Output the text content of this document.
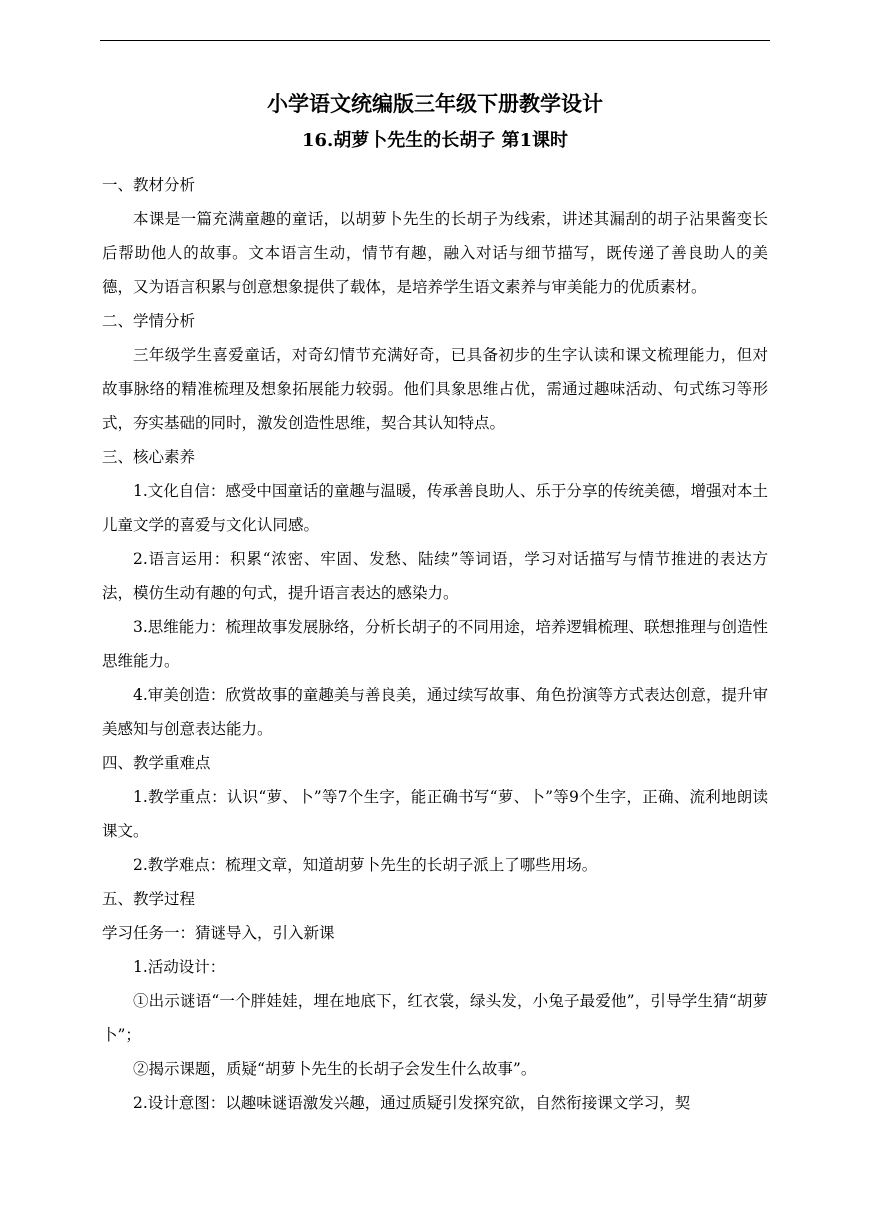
小学语文统编版三年级下册教学设计
16.胡萝卜先生的长胡子 第1课时
一、教材分析
本课是一篇充满童趣的童话，以胡萝卜先生的长胡子为线索，讲述其漏刮的胡子沾果酱变长后帮助他人的故事。文本语言生动，情节有趣，融入对话与细节描写，既传递了善良助人的美德，又为语言积累与创意想象提供了载体，是培养学生语文素养与审美能力的优质素材。
二、学情分析
三年级学生喜爱童话，对奇幻情节充满好奇，已具备初步的生字认读和课文梳理能力，但对故事脉络的精准梳理及想象拓展能力较弱。他们具象思维占优，需通过趣味活动、句式练习等形式，夯实基础的同时，激发创造性思维，契合其认知特点。
三、核心素养
1.文化自信：感受中国童话的童趣与温暖，传承善良助人、乐于分享的传统美德，增强对本土儿童文学的喜爱与文化认同感。
2.语言运用：积累“浓密、牢固、发愁、陆续”等词语，学习对话描写与情节推进的表达方法，模仿生动有趣的句式，提升语言表达的感染力。
3.思维能力：梳理故事发展脉络，分析长胡子的不同用途，培养逻辑梳理、联想推理与创造性思维能力。
4.审美创造：欣赏故事的童趣美与善良美，通过续写故事、角色扮演等方式表达创意，提升审美感知与创意表达能力。
四、教学重难点
1.教学重点：认识“萝、卜”等7个生字，能正确书写“萝、卜”等9个生字，正确、流利地朗读课文。
2.教学难点：梳理文章，知道胡萝卜先生的长胡子派上了哪些用场。
五、教学过程
学习任务一：猜谜导入，引入新课
1.活动设计：
①出示谜语“一个胖娃娃，埋在地底下，红衣裳，绿头发，小兔子最爱他”，引导学生猜“胡萝卜”；
②揭示课题，质疑“胡萝卜先生的长胡子会发生什么故事”。
2.设计意图：以趣味谜语激发兴趣，通过质疑引发探究欲，自然衔接课文学习，契
